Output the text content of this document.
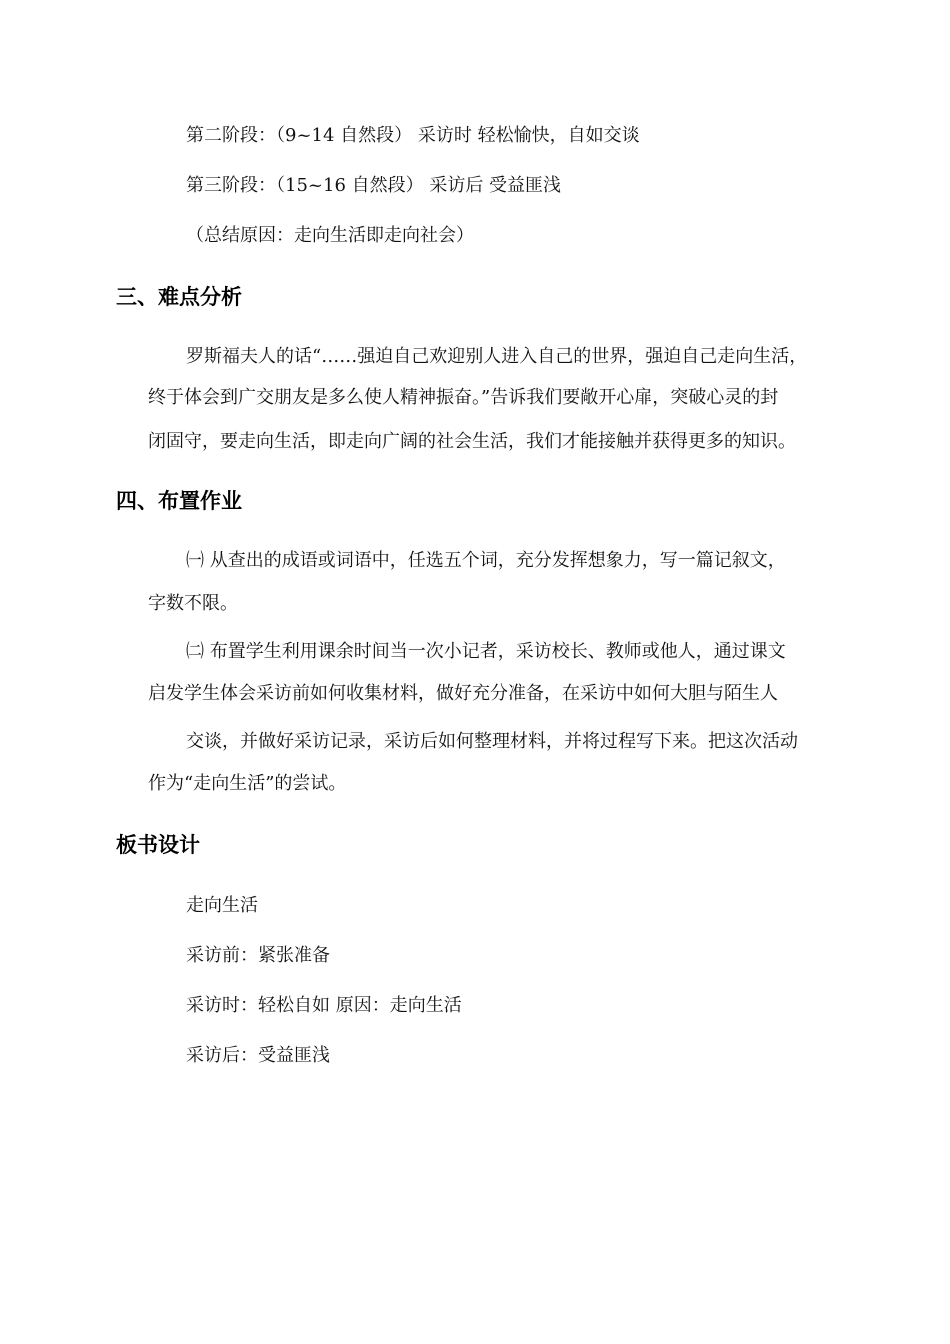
第二阶段：（9~14 自然段） 采访时 轻松愉快，自如交谈
第三阶段：（15~16 自然段） 采访后 受益匪浅
（总结原因：走向生活即走向社会）
三、难点分析
罗斯福夫人的话“……强迫自己欢迎别人进入自己的世界，强迫自己走向生活，
终于体会到广交朋友是多么使人精神振奋。”告诉我们要敞开心扉，突破心灵的封
闭固守，要走向生活，即走向广阔的社会生活，我们才能接触并获得更多的知识。
四、布置作业
㈠ 从查出的成语或词语中，任选五个词，充分发挥想象力，写一篇记叙文，
字数不限。
㈡ 布置学生利用课余时间当一次小记者，采访校长、教师或他人，通过课文
启发学生体会采访前如何收集材料，做好充分准备，在采访中如何大胆与陌生人
交谈，并做好采访记录，采访后如何整理材料，并将过程写下来。把这次活动
作为“走向生活”的尝试。
板书设计
走向生活
采访前：紧张准备
采访时：轻松自如 原因：走向生活
采访后：受益匪浅
